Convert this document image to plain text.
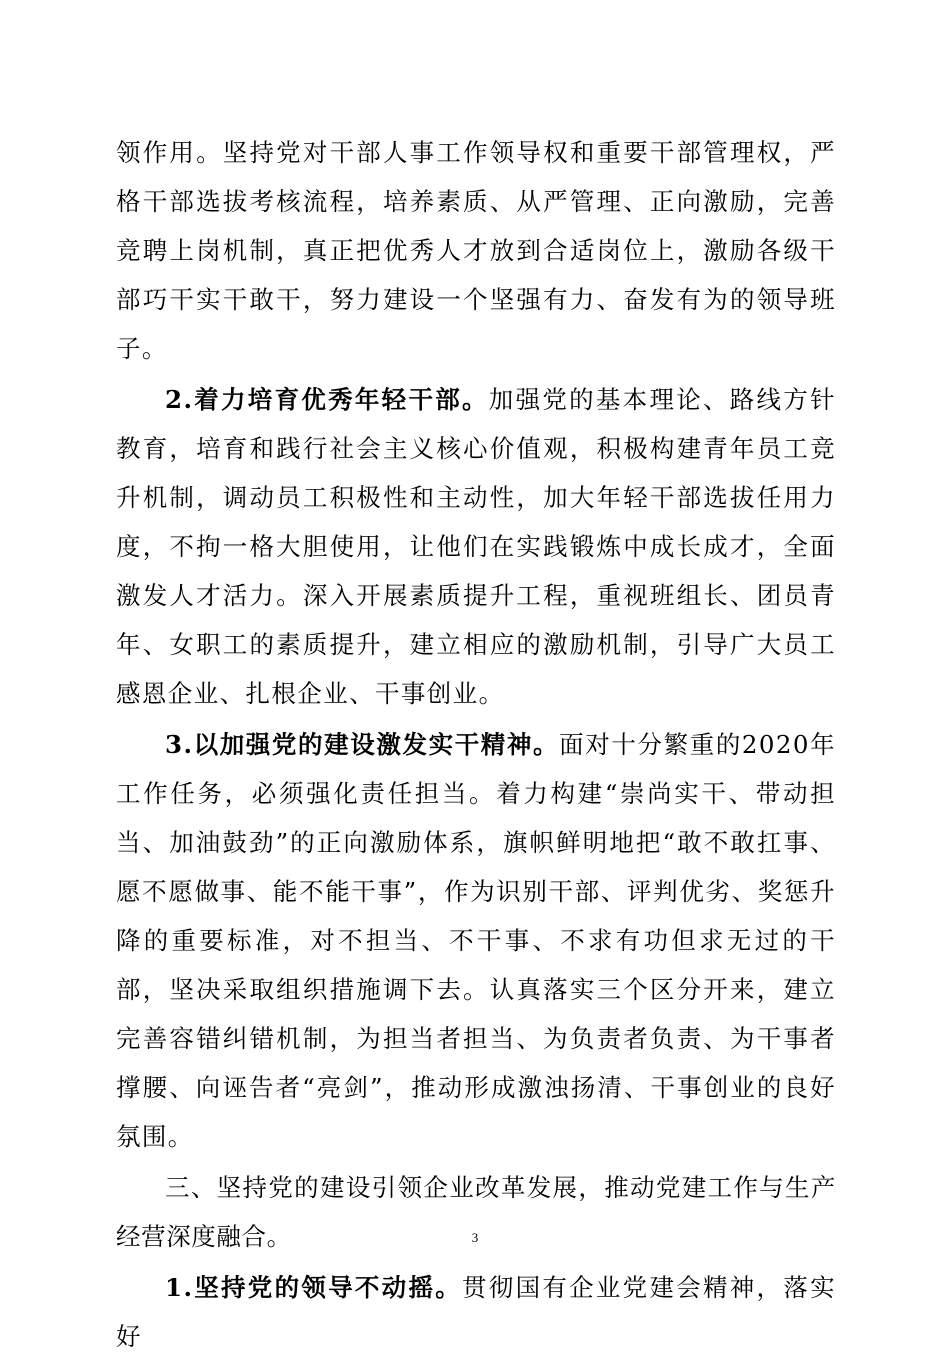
领作用。坚持党对干部人事工作领导权和重要干部管理权，严格干部选拔考核流程，培养素质、从严管理、正向激励，完善竞聘上岗机制，真正把优秀人才放到合适岗位上，激励各级干部巧干实干敢干，努力建设一个坚强有力、奋发有为的领导班子。

2.着力培育优秀年轻干部。加强党的基本理论、路线方针教育，培育和践行社会主义核心价值观，积极构建青年员工竞升机制，调动员工积极性和主动性，加大年轻干部选拔任用力度，不拘一格大胆使用，让他们在实践锻炼中成长成才，全面激发人才活力。深入开展素质提升工程，重视班组长、团员青年、女职工的素质提升，建立相应的激励机制，引导广大员工感恩企业、扎根企业、干事创业。

3.以加强党的建设激发实干精神。面对十分繁重的2020年工作任务，必须强化责任担当。着力构建“崇尚实干、带动担当、加油鼓劲”的正向激励体系，旗帜鲜明地把“敢不敢扛事、愿不愿做事、能不能干事”，作为识别干部、评判优劣、奖惩升降的重要标准，对不担当、不干事、不求有功但求无过的干部，坚决采取组织措施调下去。认真落实三个区分开来，建立完善容错纠错机制，为担当者担当、为负责者负责、为干事者撑腰、向诬告者“亮剑”，推动形成激浊扬清、干事创业的良好氛围。

三、坚持党的建设引领企业改革发展，推动党建工作与生产经营深度融合。

1.坚持党的领导不动摇。贯彻国有企业党建会精神，落实好

3
